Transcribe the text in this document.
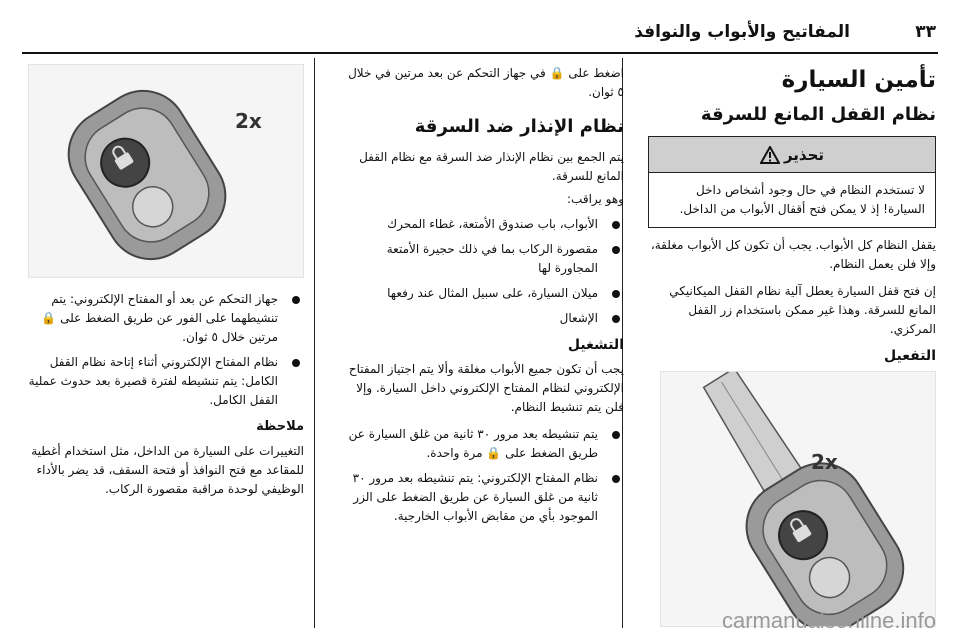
٣٣
المفاتيح والأبواب والنوافذ
تأمين السيارة
نظام القفل المانع للسرقة
تحذير

لا تستخدم النظام في حال وجود أشخاص داخل السيارة! إذ لا يمكن فتح أقفال الأبواب من الداخل.

يقفل النظام كل الأبواب. يجب أن تكون كل الأبواب مغلقة، وإلا فلن يعمل النظام.

إن فتح قفل السيارة يعطل آلية نظام القفل الميكانيكي المانع للسرقة. وهذا غير ممكن باستخدام زر القفل المركزي.

التفعيل
2x

اضغط على 🔒 في جهاز التحكم عن بعد مرتين في خلال ٥ ثوان.

نظام الإنذار ضد السرقة

يتم الجمع بين نظام الإنذار ضد السرقة مع نظام القفل المانع للسرقة.

وهو يراقب:

الأبواب، باب صندوق الأمتعة، غطاء المحرك
مقصورة الركاب بما في ذلك حجيرة الأمتعة المجاورة لها
ميلان السيارة، على سبيل المثال عند رفعها
الإشعال
التشغيل

يجب أن تكون جميع الأبواب مغلقة وألا يتم اجتياز المفتاح الإلكتروني لنظام المفتاح الإلكتروني داخل السيارة. وإلا فلن يتم تنشيط النظام.

يتم تنشيطه بعد مرور ٣٠ ثانية من غلق السيارة عن طريق الضغط على 🔒 مرة واحدة.
نظام المفتاح الإلكتروني: يتم تنشيطه بعد مرور ٣٠ ثانية من غلق السيارة عن طريق الضغط على الزر الموجود بأي من مقابض الأبواب الخارجية.
2x
جهاز التحكم عن بعد أو المفتاح الإلكتروني: يتم تنشيطهما على الفور عن طريق الضغط على 🔒 مرتين خلال ٥ ثوان.
نظام المفتاح الإلكتروني أثناء إتاحة نظام القفل الكامل: يتم تنشيطه لفترة قصيرة بعد حدوث عملية القفل الكامل.
ملاحظة

التغييرات على السيارة من الداخل، مثل استخدام أغطية للمقاعد مع فتح النوافذ أو فتحة السقف، قد يضر بالأداء الوظيفي لوحدة مراقبة مقصورة الركاب.

carmanualsonline.info
